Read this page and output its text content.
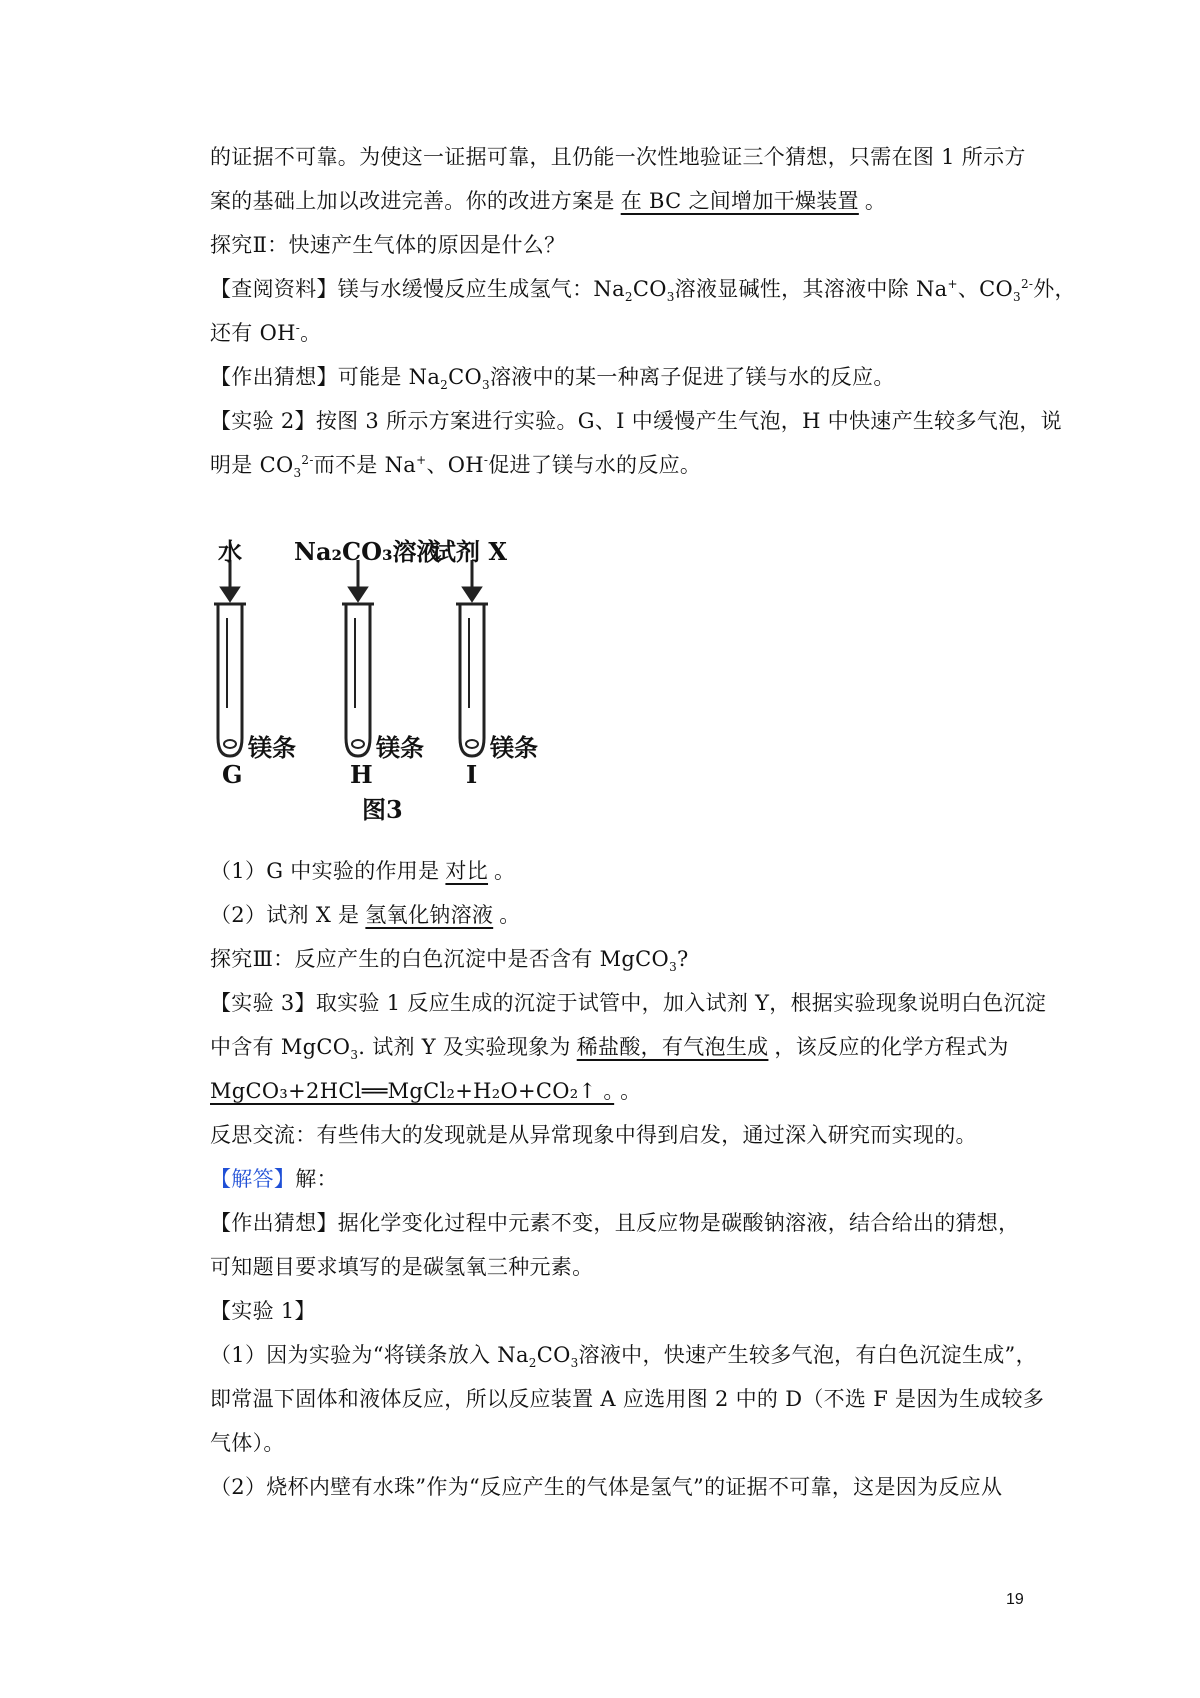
的证据不可靠。为使这一证据可靠，且仍能一次性地验证三个猜想，只需在图 1 所示方
案的基础上加以改进完善。你的改进方案是 在 BC 之间增加干燥装置 。
探究Ⅱ：快速产生气体的原因是什么？
【查阅资料】镁与水缓慢反应生成氢气：$Na_2CO_3$溶液显碱性，其溶液中除 Na+、$CO_3^{2-}$外，
还有 OH-。
【作出猜想】可能是 $Na_2CO_3$溶液中的某一种离子促进了镁与水的反应。
【实验 2】按图 3 所示方案进行实验。G、I 中缓慢产生气泡，H 中快速产生较多气泡，说
明是 $CO_3^{2-}$而不是 Na+、OH-促进了镁与水的反应。
水 Na₂CO₃溶液
试剂 X
镁条	镁条	镁条
G	H	I
图3
（1）G 中实验的作用是 对比 。
（2）试剂 X 是 氢氧化钠溶液 。
探究Ⅲ：反应产生的白色沉淀中是否含有 MgCO$_3$?
【实验 3】取实验 1 反应生成的沉淀于试管中，加入试剂 Y，根据实验现象说明白色沉淀
中含有 MgCO$_3$. 试剂 Y 及实验现象为 稀盐酸，有气泡生成 ，该反应的化学方程式为
MgCO₃+2HCl══MgCl₂+H₂O+CO₂↑ 。 。
反思交流：有些伟大的发现就是从异常现象中得到启发，通过深入研究而实现的。
【解答】解：
【作出猜想】据化学变化过程中元素不变，且反应物是碳酸钠溶液，结合给出的猜想，
可知题目要求填写的是碳氢氧三种元素。
【实验 1】
（1）因为实验为“将镁条放入 $Na_2CO_3$溶液中，快速产生较多气泡，有白色沉淀生成”，
即常温下固体和液体反应，所以反应装置 A 应选用图 2 中的 D（不选 F 是因为生成较多
气体）。
（2）烧杯内壁有水珠”作为“反应产生的气体是氢气”的证据不可靠，这是因为反应从
19
